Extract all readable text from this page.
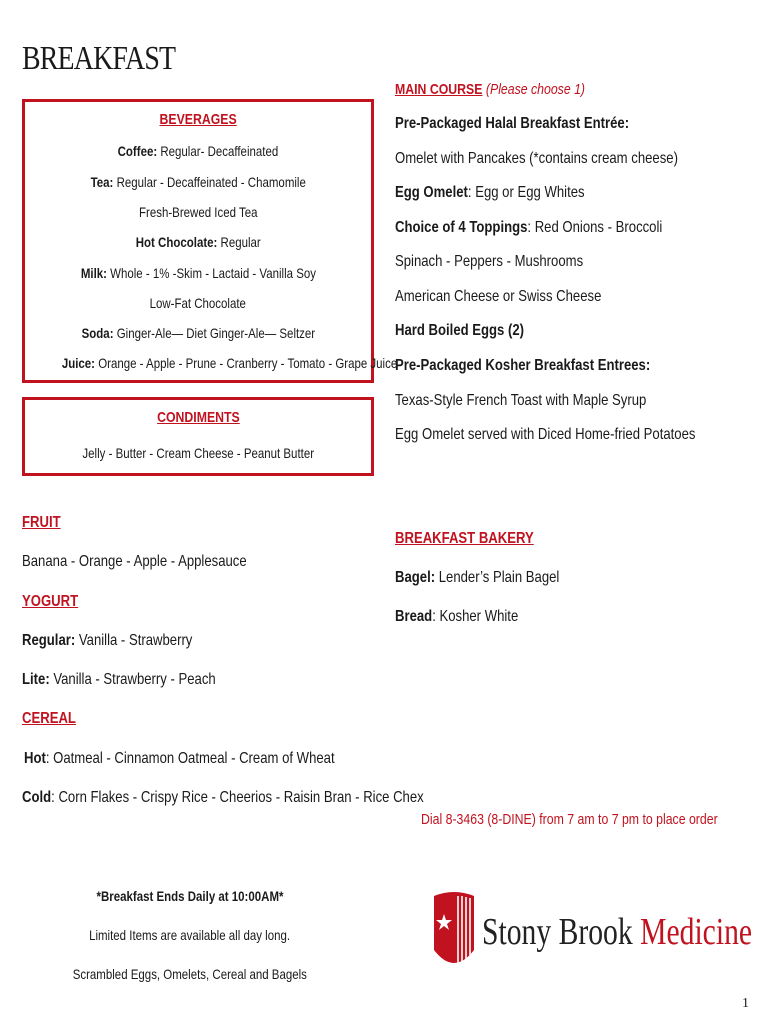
BREAKFAST
BEVERAGES
Coffee: Regular- Decaffeinated
Tea: Regular - Decaffeinated - Chamomile
Fresh-Brewed Iced Tea
Hot Chocolate: Regular
Milk: Whole - 1% -Skim - Lactaid - Vanilla Soy
Low-Fat Chocolate
Soda: Ginger-Ale— Diet Ginger-Ale— Seltzer
Juice: Orange - Apple - Prune - Cranberry - Tomato - Grape Juice
CONDIMENTS
Jelly - Butter - Cream Cheese - Peanut Butter
FRUIT
Banana - Orange - Apple - Applesauce
YOGURT
Regular: Vanilla - Strawberry
Lite: Vanilla - Strawberry - Peach
CEREAL
Hot: Oatmeal - Cinnamon Oatmeal - Cream of Wheat
Cold: Corn Flakes - Crispy Rice - Cheerios - Raisin Bran - Rice Chex
MAIN COURSE (Please choose 1)
Pre-Packaged Halal Breakfast Entrée:
Omelet with Pancakes (*contains cream cheese)
Egg Omelet: Egg or Egg Whites
Choice of 4 Toppings: Red Onions - Broccoli
Spinach - Peppers - Mushrooms
American Cheese or Swiss Cheese
Hard Boiled Eggs (2)
Pre-Packaged Kosher Breakfast Entrees:
Texas-Style French Toast with Maple Syrup
Egg Omelet served with Diced Home-fried Potatoes
BREAKFAST BAKERY
Bagel: Lender’s Plain Bagel
Bread: Kosher White
Dial 8-3463 (8-DINE) from 7 am to 7 pm to place order
*Breakfast Ends Daily at 10:00AM*
Limited Items are available all day long.
Scrambled Eggs, Omelets, Cereal and Bagels
Stony Brook Medicine
1
